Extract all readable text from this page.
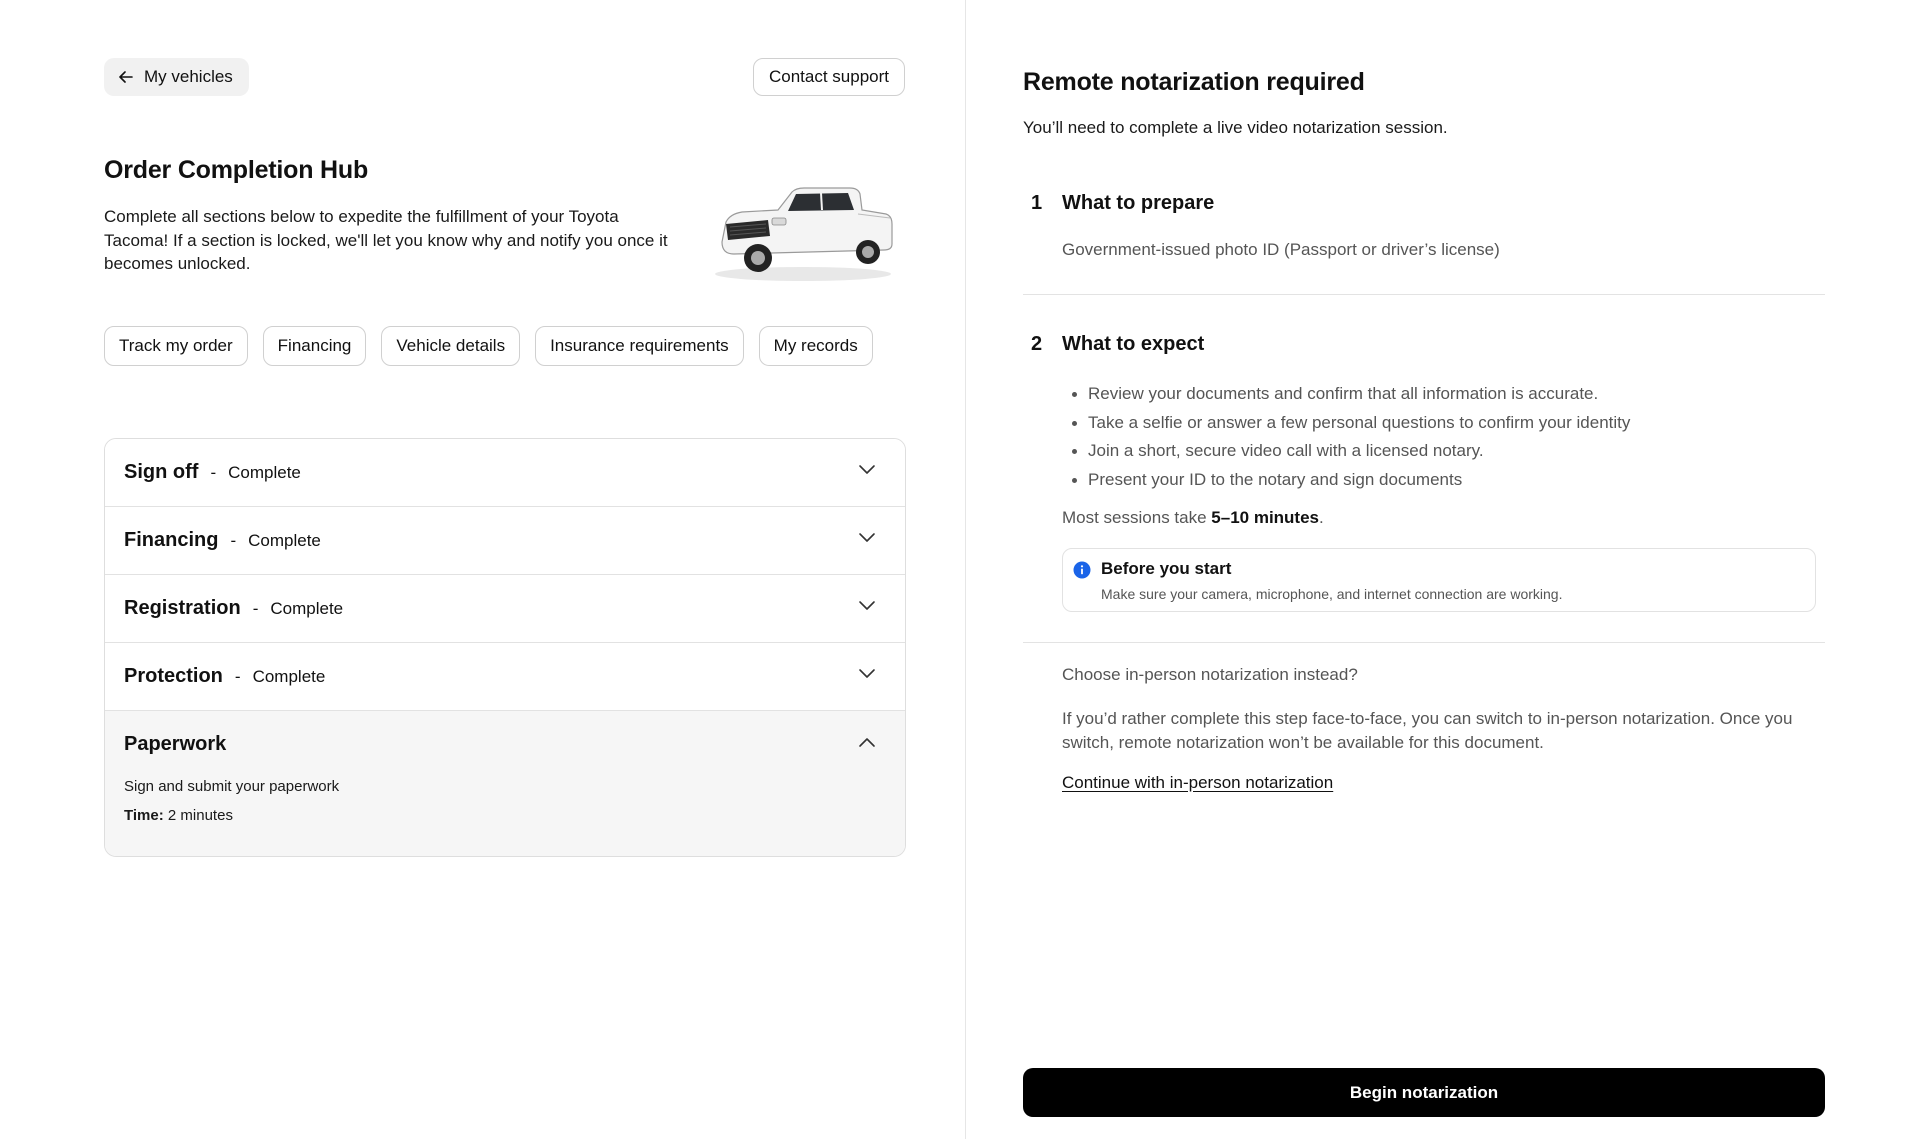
My vehicles	Contact support
Order Completion Hub

Complete all sections below to expedite the fulfillment of your Toyota Tacoma! If a section is locked, we'll let you know why and notify you once it becomes unlocked.

Track my order	Financing	Vehicle details	Insurance requirements	My records
Sign off - Complete
Financing - Complete
Registration - Complete
Protection - Complete
Paperwork

Sign and submit your paperwork

Time: 2 minutes

Remote notarization required

You’ll need to complete a live video notarization session.

1 What to prepare

Government-issued photo ID (Passport or driver’s license)

2 What to expect
Review your documents and confirm that all information is accurate.
Take a selfie or answer a few personal questions to confirm your identity
Join a short, secure video call with a licensed notary.
Present your ID to the notary and sign documents

Most sessions take 5–10 minutes.

Before you start
Make sure your camera, microphone, and internet connection are working.

Choose in-person notarization instead?

If you’d rather complete this step face-to-face, you can switch to in-person notarization. Once you switch, remote notarization won’t be available for this document.

Continue with in-person notarization
Begin notarization
